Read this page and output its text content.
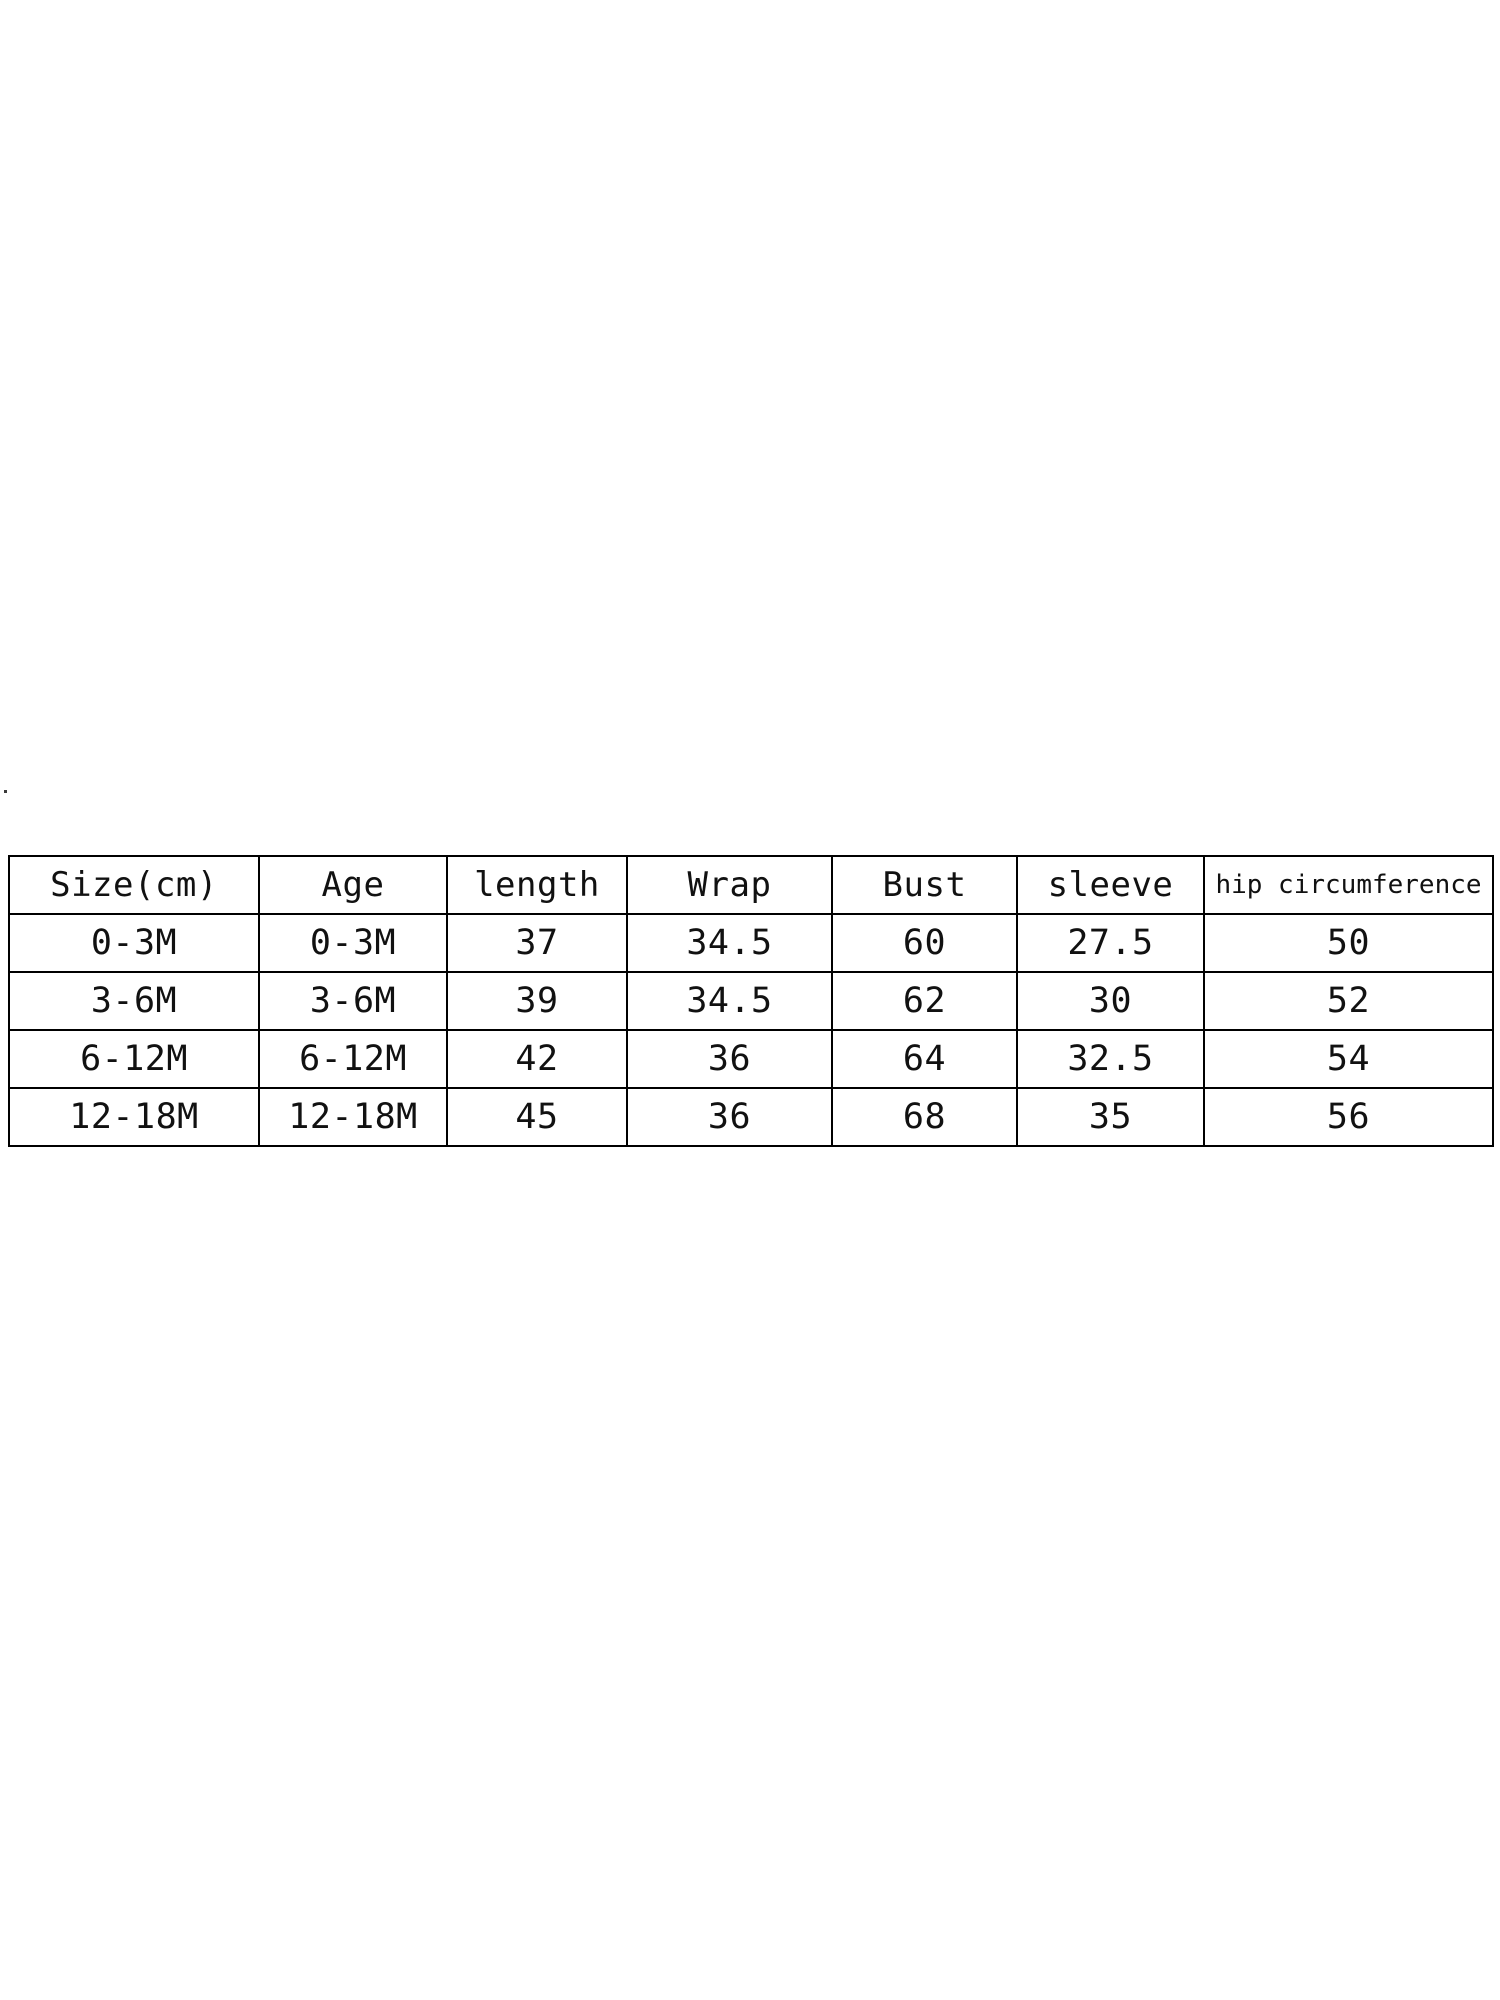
Size(cm)	Age	length	Wrap	Bust	sleeve	hip circumference
0-3M	0-3M	37	34.5	60	27.5	50
3-6M	3-6M	39	34.5	62	30	52
6-12M	6-12M	42	36	64	32.5	54
12-18M	12-18M	45	36	68	35	56
